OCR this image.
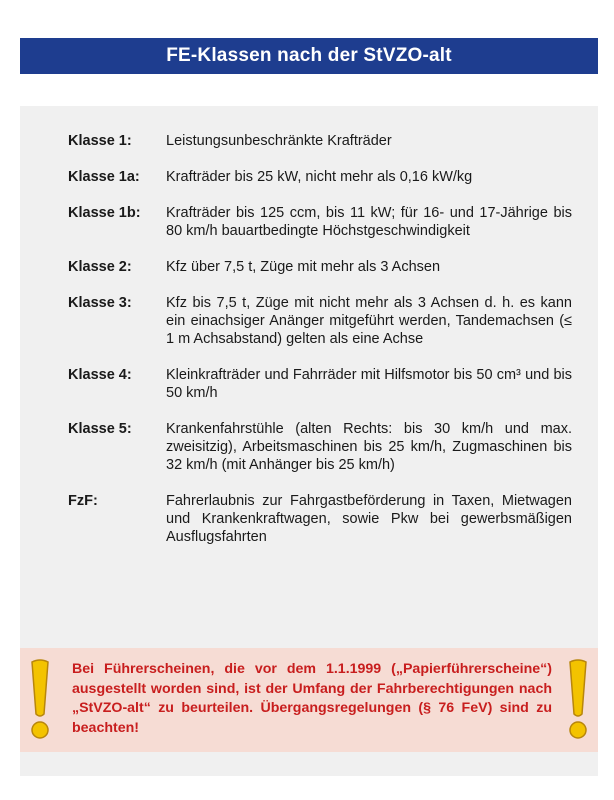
FE-Klassen nach der StVZO-alt
Klasse 1:	Leistungsunbeschränkte Krafträder
Klasse 1a:	Krafträder bis 25 kW, nicht mehr als 0,16 kW/kg
Klasse 1b:	Krafträder bis 125 ccm, bis 11 kW; für 16- und 17-Jährige bis 80 km/h bauartbedingte Höchstgeschwindigkeit
Klasse 2:	Kfz über 7,5 t, Züge mit mehr als 3 Achsen
Klasse 3:	Kfz bis 7,5 t, Züge mit nicht mehr als 3 Achsen d. h. es kann ein einachsiger Anänger mitgeführt werden, Tandemachsen (≤ 1 m Achsabstand) gelten als eine Achse
Klasse 4:	Kleinkrafträder und Fahrräder mit Hilfsmotor bis 50 cm³ und bis 50 km/h
Klasse 5:	Krankenfahrstühle (alten Rechts: bis 30 km/h und max. zweisitzig), Arbeitsmaschinen bis 25 km/h, Zugmaschinen bis 32 km/h (mit Anhänger bis 25 km/h)
FzF:	Fahrerlaubnis zur Fahrgastbeförderung in Taxen, Mietwagen und Krankenkraftwagen, sowie Pkw bei gewerbsmäßigen Ausflugsfahrten
Bei Führerscheinen, die vor dem 1.1.1999 („Papierführerscheine“) ausgestellt worden sind, ist der Umfang der Fahrberechtigungen nach „StVZO-alt“ zu beurteilen. Übergangsregelungen (§ 76 FeV) sind zu beachten!
